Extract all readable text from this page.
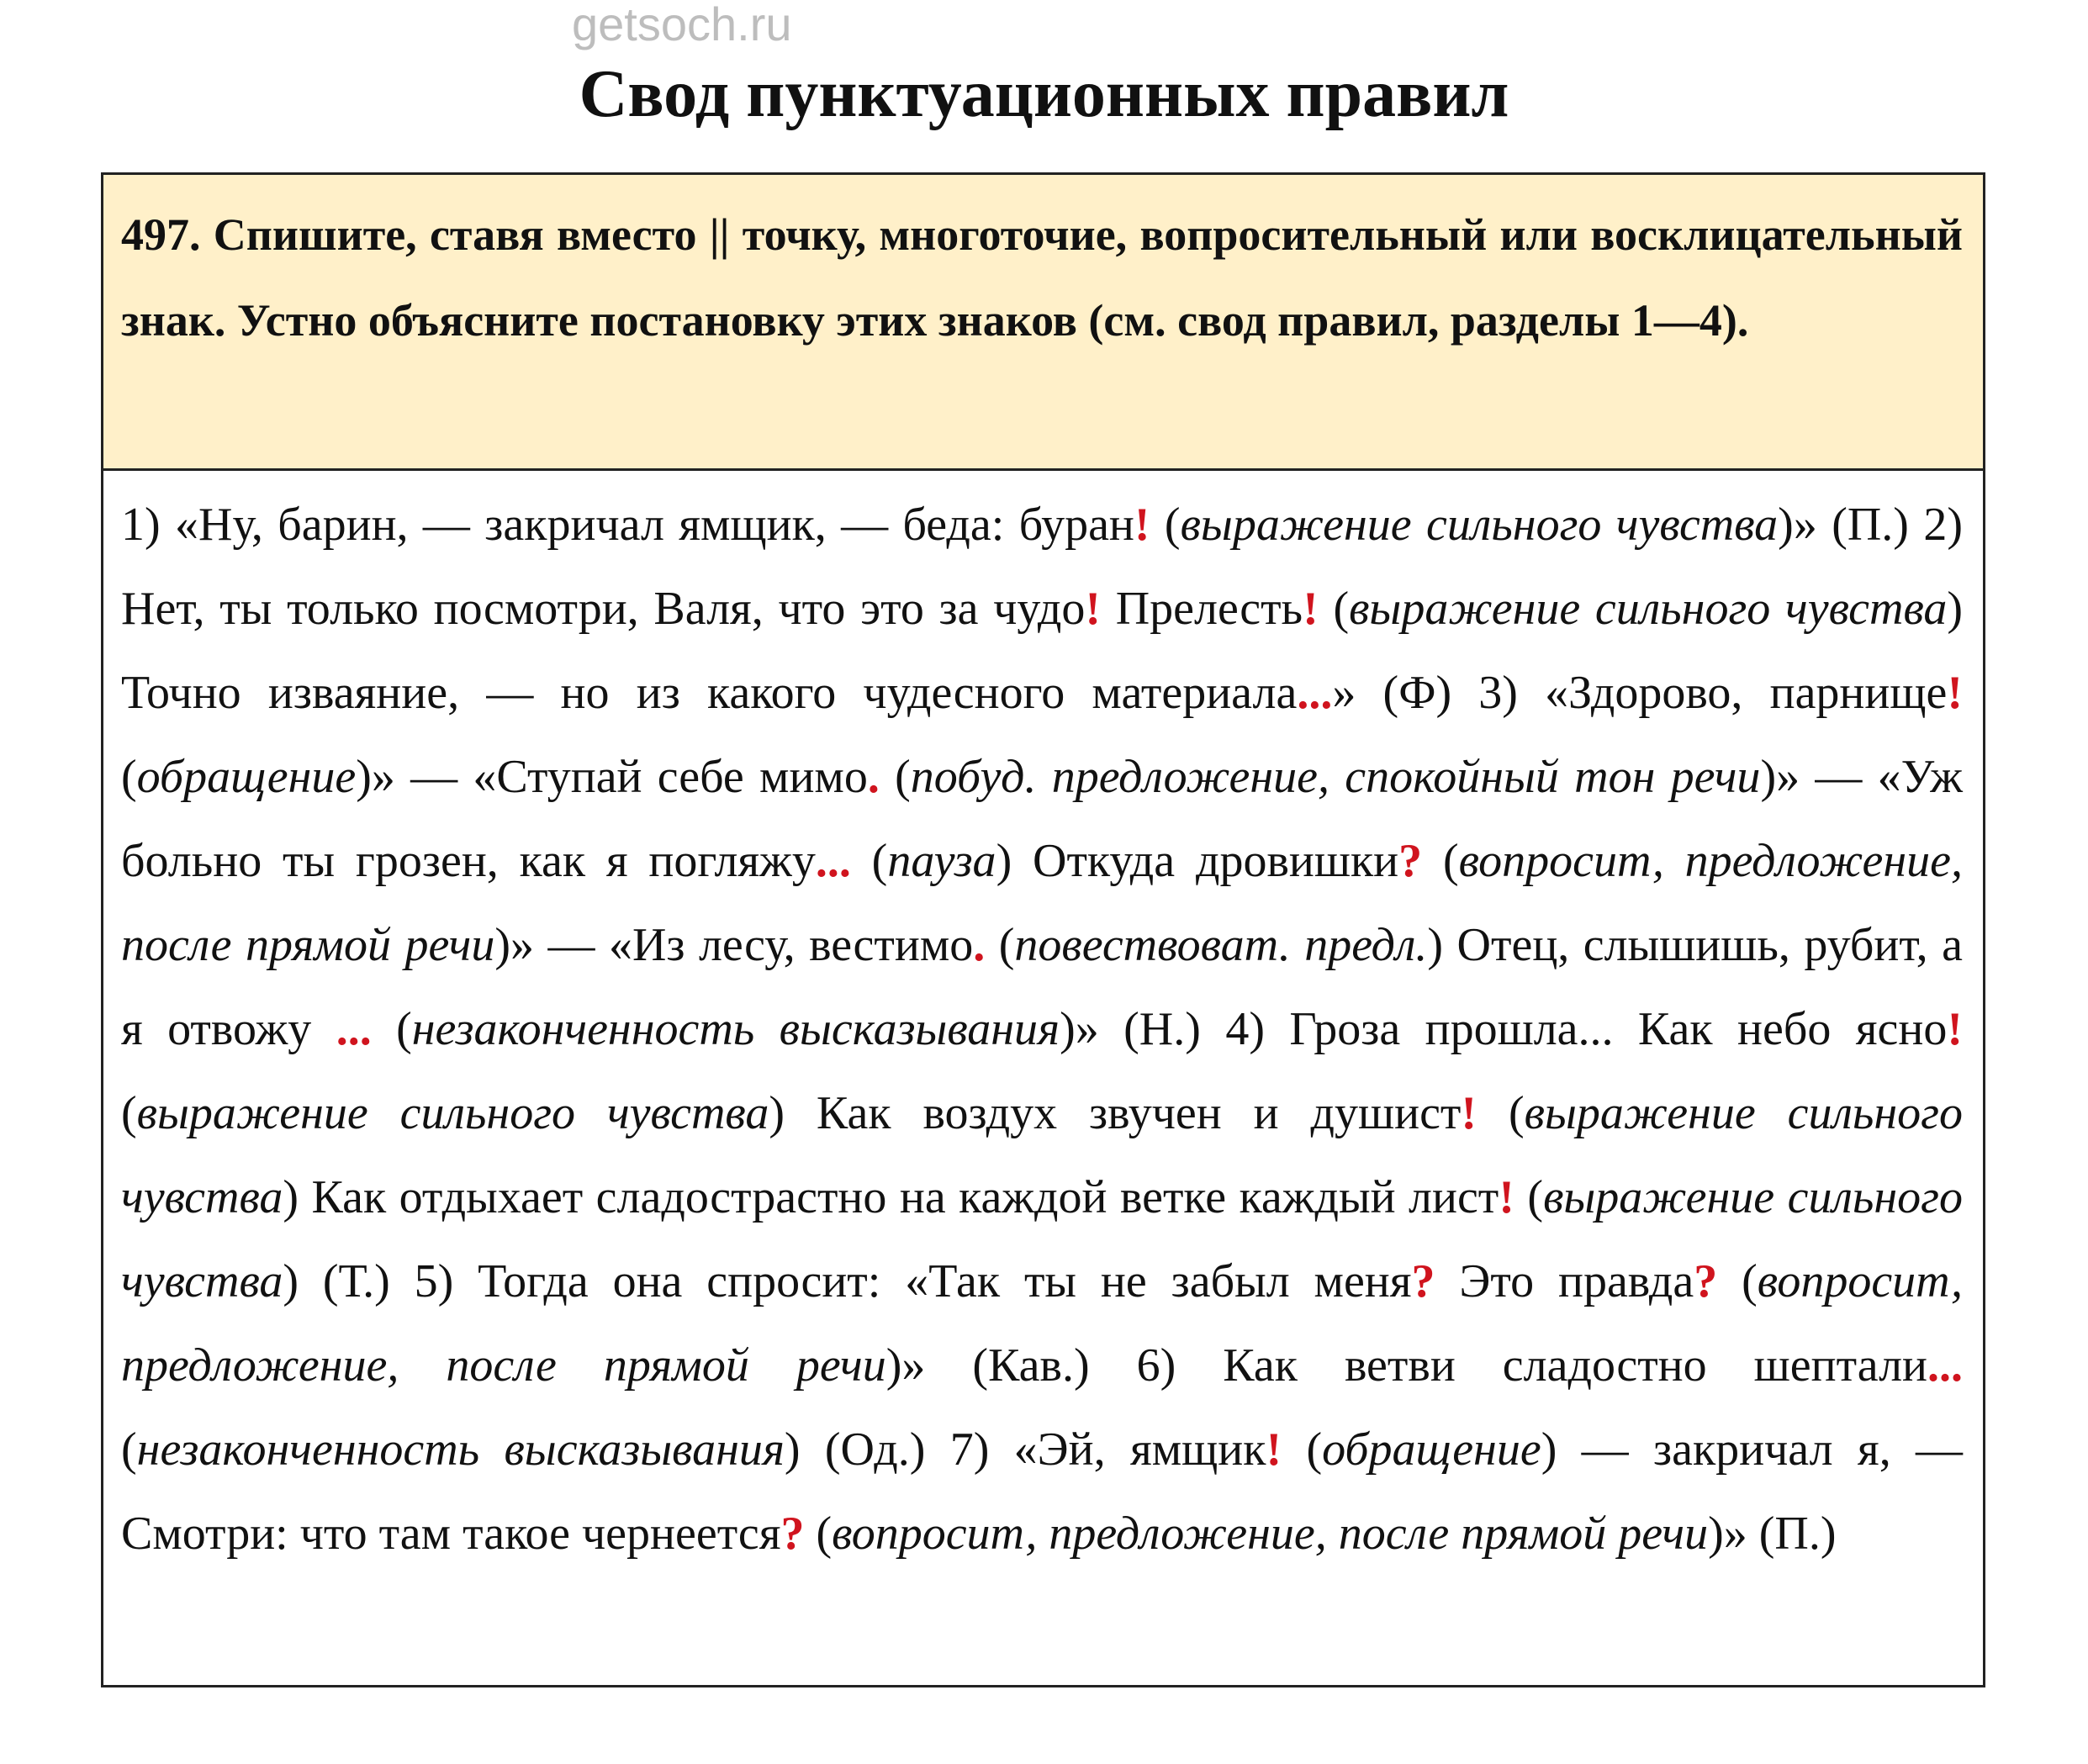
getsoch.ru
Свод пунктуационных правил
497. Спишите, ставя вместо || точку, многоточие, вопросительный или восклицательный знак. Устно объясните постановку этих знаков (см. свод правил, разделы 1—4).
1) «Ну, барин, — закричал ямщик, — беда: буран! (выражение сильного чувства)» (П.) 2) Нет, ты только посмотри, Валя, что это за чудо! Прелесть! (выражение сильного чувства) Точно изваяние, — но из какого чудесного материала...» (Ф) 3) «Здорово, парнище! (обращение)» — «Ступай себе мимо. (побуд. предложение, спокойный тон речи)» — «Уж больно ты грозен, как я погляжу... (пауза) Откуда дровишки? (вопросит, предложение, после прямой речи)» — «Из лесу, вестимо. (повествоват. предл.) Отец, слышишь, рубит, а я отвожу ... (незаконченность высказывания)» (Н.) 4) Гроза прошла... Как небо ясно! (выражение сильного чувства) Как воздух звучен и душист! (выражение сильного чувства) Как отдыхает сладострастно на каждой ветке каждый лист! (выражение сильного чувства) (Т.) 5) Тогда она спросит: «Так ты не забыл меня? Это правда? (вопросит, предложение, после прямой речи)» (Кав.) 6) Как ветви сладостно шептали... (незаконченность высказывания) (Од.) 7) «Эй, ямщик! (обращение) — закричал я, — Смотри: что там такое чернеется? (вопросит, предложение, после прямой речи)» (П.)
